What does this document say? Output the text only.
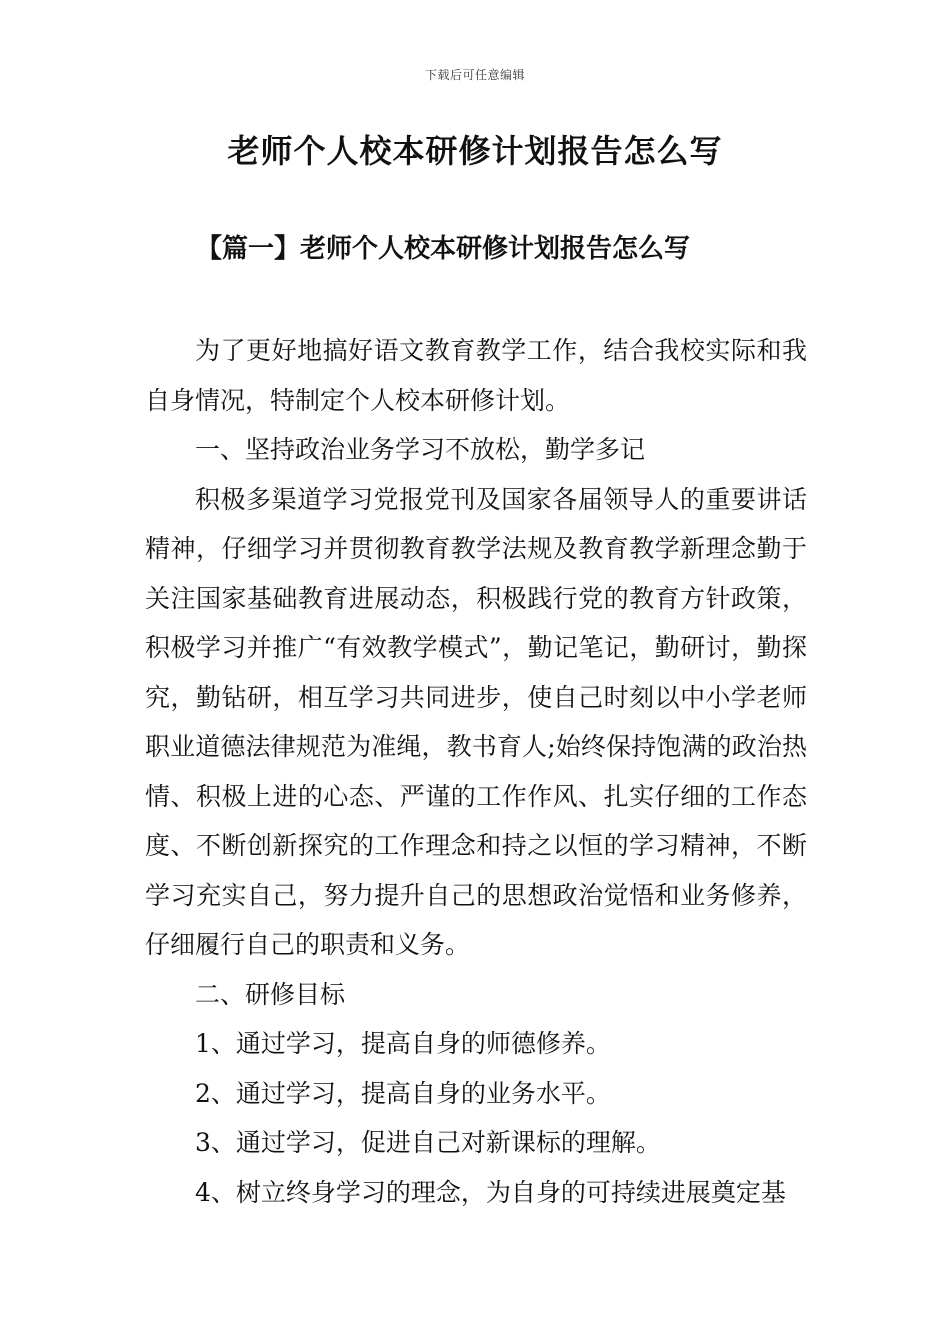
下载后可任意编辑
老师个人校本研修计划报告怎么写
【篇一】老师个人校本研修计划报告怎么写

为了更好地搞好语文教育教学工作，结合我校实际和我自身情况，特制定个人校本研修计划。

一、坚持政治业务学习不放松，勤学多记

积极多渠道学习党报党刊及国家各届领导人的重要讲话精神，仔细学习并贯彻教育教学法规及教育教学新理念勤于关注国家基础教育进展动态，积极践行党的教育方针政策，积极学习并推广“有效教学模式”，勤记笔记，勤研讨，勤探究，勤钻研，相互学习共同进步，使自己时刻以中小学老师职业道德法律规范为准绳，教书育人;始终保持饱满的政治热情、积极上进的心态、严谨的工作作风、扎实仔细的工作态度、不断创新探究的工作理念和持之以恒的学习精神，不断学习充实自己，努力提升自己的思想政治觉悟和业务修养，仔细履行自己的职责和义务。

二、研修目标

1、通过学习，提高自身的师德修养。

2、通过学习，提高自身的业务水平。

3、通过学习，促进自己对新课标的理解。

4、树立终身学习的理念，为自身的可持续进展奠定基
